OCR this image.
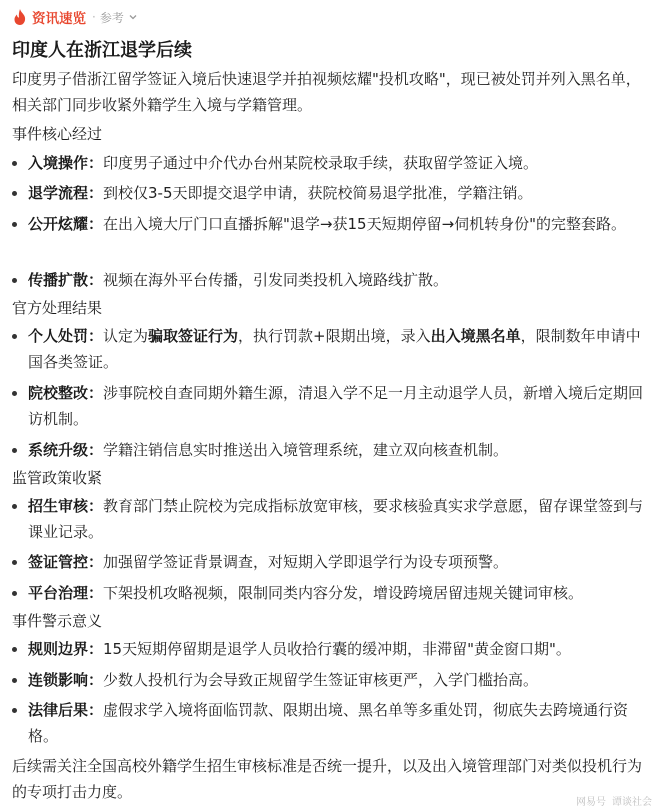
资讯速览 · 参考
印度人在浙江退学后续
印度男子借浙江留学签证入境后快速退学并拍视频炫耀"投机攻略"，现已被处罚并列入黑名单，相关部门同步收紧外籍学生入境与学籍管理。
事件核心经过
入境操作：印度男子通过中介代办台州某院校录取手续，获取留学签证入境。
退学流程：到校仅3-5天即提交退学申请，获院校简易退学批准，学籍注销。
公开炫耀：在出入境大厅门口直播拆解"退学→获15天短期停留→伺机转身份"的完整套路。
传播扩散：视频在海外平台传播，引发同类投机入境路线扩散。
官方处理结果
个人处罚：认定为骗取签证行为，执行罚款+限期出境，录入出入境黑名单，限制数年申请中国各类签证。
院校整改：涉事院校自查同期外籍生源，清退入学不足一月主动退学人员，新增入境后定期回访机制。
系统升级：学籍注销信息实时推送出入境管理系统，建立双向核查机制。
监管政策收紧
招生审核：教育部门禁止院校为完成指标放宽审核，要求核验真实求学意愿，留存课堂签到与课业记录。
签证管控：加强留学签证背景调查，对短期入学即退学行为设专项预警。
平台治理：下架投机攻略视频，限制同类内容分发，增设跨境居留违规关键词审核。
事件警示意义
规则边界：15天短期停留期是退学人员收拾行囊的缓冲期，非滞留"黄金窗口期"。
连锁影响：少数人投机行为会导致正规留学生签证审核更严，入学门槛抬高。
法律后果：虚假求学入境将面临罚款、限期出境、黑名单等多重处罚，彻底失去跨境通行资格。
后续需关注全国高校外籍学生招生审核标准是否统一提升，以及出入境管理部门对类似投机行为的专项打击力度。
网易号 谭谈社会
